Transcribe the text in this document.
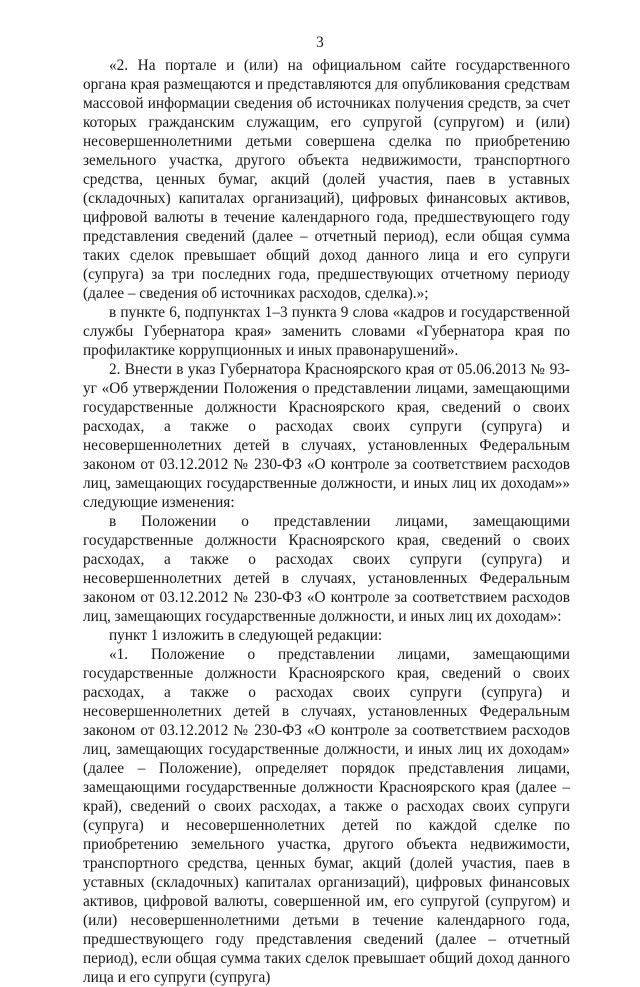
3

«2. На портале и (или) на официальном сайте государственного органа края размещаются и представляются для опубликования средствам массовой информации сведения об источниках получения средств, за счет которых гражданским служащим, его супругой (супругом) и (или) несовершеннолетними детьми совершена сделка по приобретению земельного участка, другого объекта недвижимости, транспортного средства, ценных бумаг, акций (долей участия, паев в уставных (складочных) капиталах организаций), цифровых финансовых активов, цифровой валюты в течение календарного года, предшествующего году представления сведений (далее – отчетный период), если общая сумма таких сделок превышает общий доход данного лица и его супруги (супруга) за три последних года, предшествующих отчетному периоду (далее – сведения об источниках расходов, сделка).»;

в пункте 6, подпунктах 1–3 пункта 9 слова «кадров и государственной службы Губернатора края» заменить словами «Губернатора края по профилактике коррупционных и иных правонарушений».

2. Внести в указ Губернатора Красноярского края от 05.06.2013 № 93-уг «Об утверждении Положения о представлении лицами, замещающими государственные должности Красноярского края, сведений о своих расходах, а также о расходах своих супруги (супруга) и несовершеннолетних детей в случаях, установленных Федеральным законом от 03.12.2012 № 230-ФЗ «О контроле за соответствием расходов лиц, замещающих государственные должности, и иных лиц их доходам»» следующие изменения:

в Положении о представлении лицами, замещающими государственные должности Красноярского края, сведений о своих расходах, а также о расходах своих супруги (супруга) и несовершеннолетних детей в случаях, установленных Федеральным законом от 03.12.2012 № 230-ФЗ «О контроле за соответствием расходов лиц, замещающих государственные должности, и иных лиц их доходам»:

пункт 1 изложить в следующей редакции:

«1. Положение о представлении лицами, замещающими государственные должности Красноярского края, сведений о своих расходах, а также о расходах своих супруги (супруга) и несовершеннолетних детей в случаях, установленных Федеральным законом от 03.12.2012 № 230-ФЗ «О контроле за соответствием расходов лиц, замещающих государственные должности, и иных лиц их доходам» (далее – Положение), определяет порядок представления лицами, замещающими государственные должности Красноярского края (далее – край), сведений о своих расходах, а также о расходах своих супруги (супруга) и несовершеннолетних детей по каждой сделке по приобретению земельного участка, другого объекта недвижимости, транспортного средства, ценных бумаг, акций (долей участия, паев в уставных (складочных) капиталах организаций), цифровых финансовых активов, цифровой валюты, совершенной им, его супругой (супругом) и (или) несовершеннолетними детьми в течение календарного года, предшествующего году представления сведений (далее – отчетный период), если общая сумма таких сделок превышает общий доход данного лица и его супруги (супруга)
